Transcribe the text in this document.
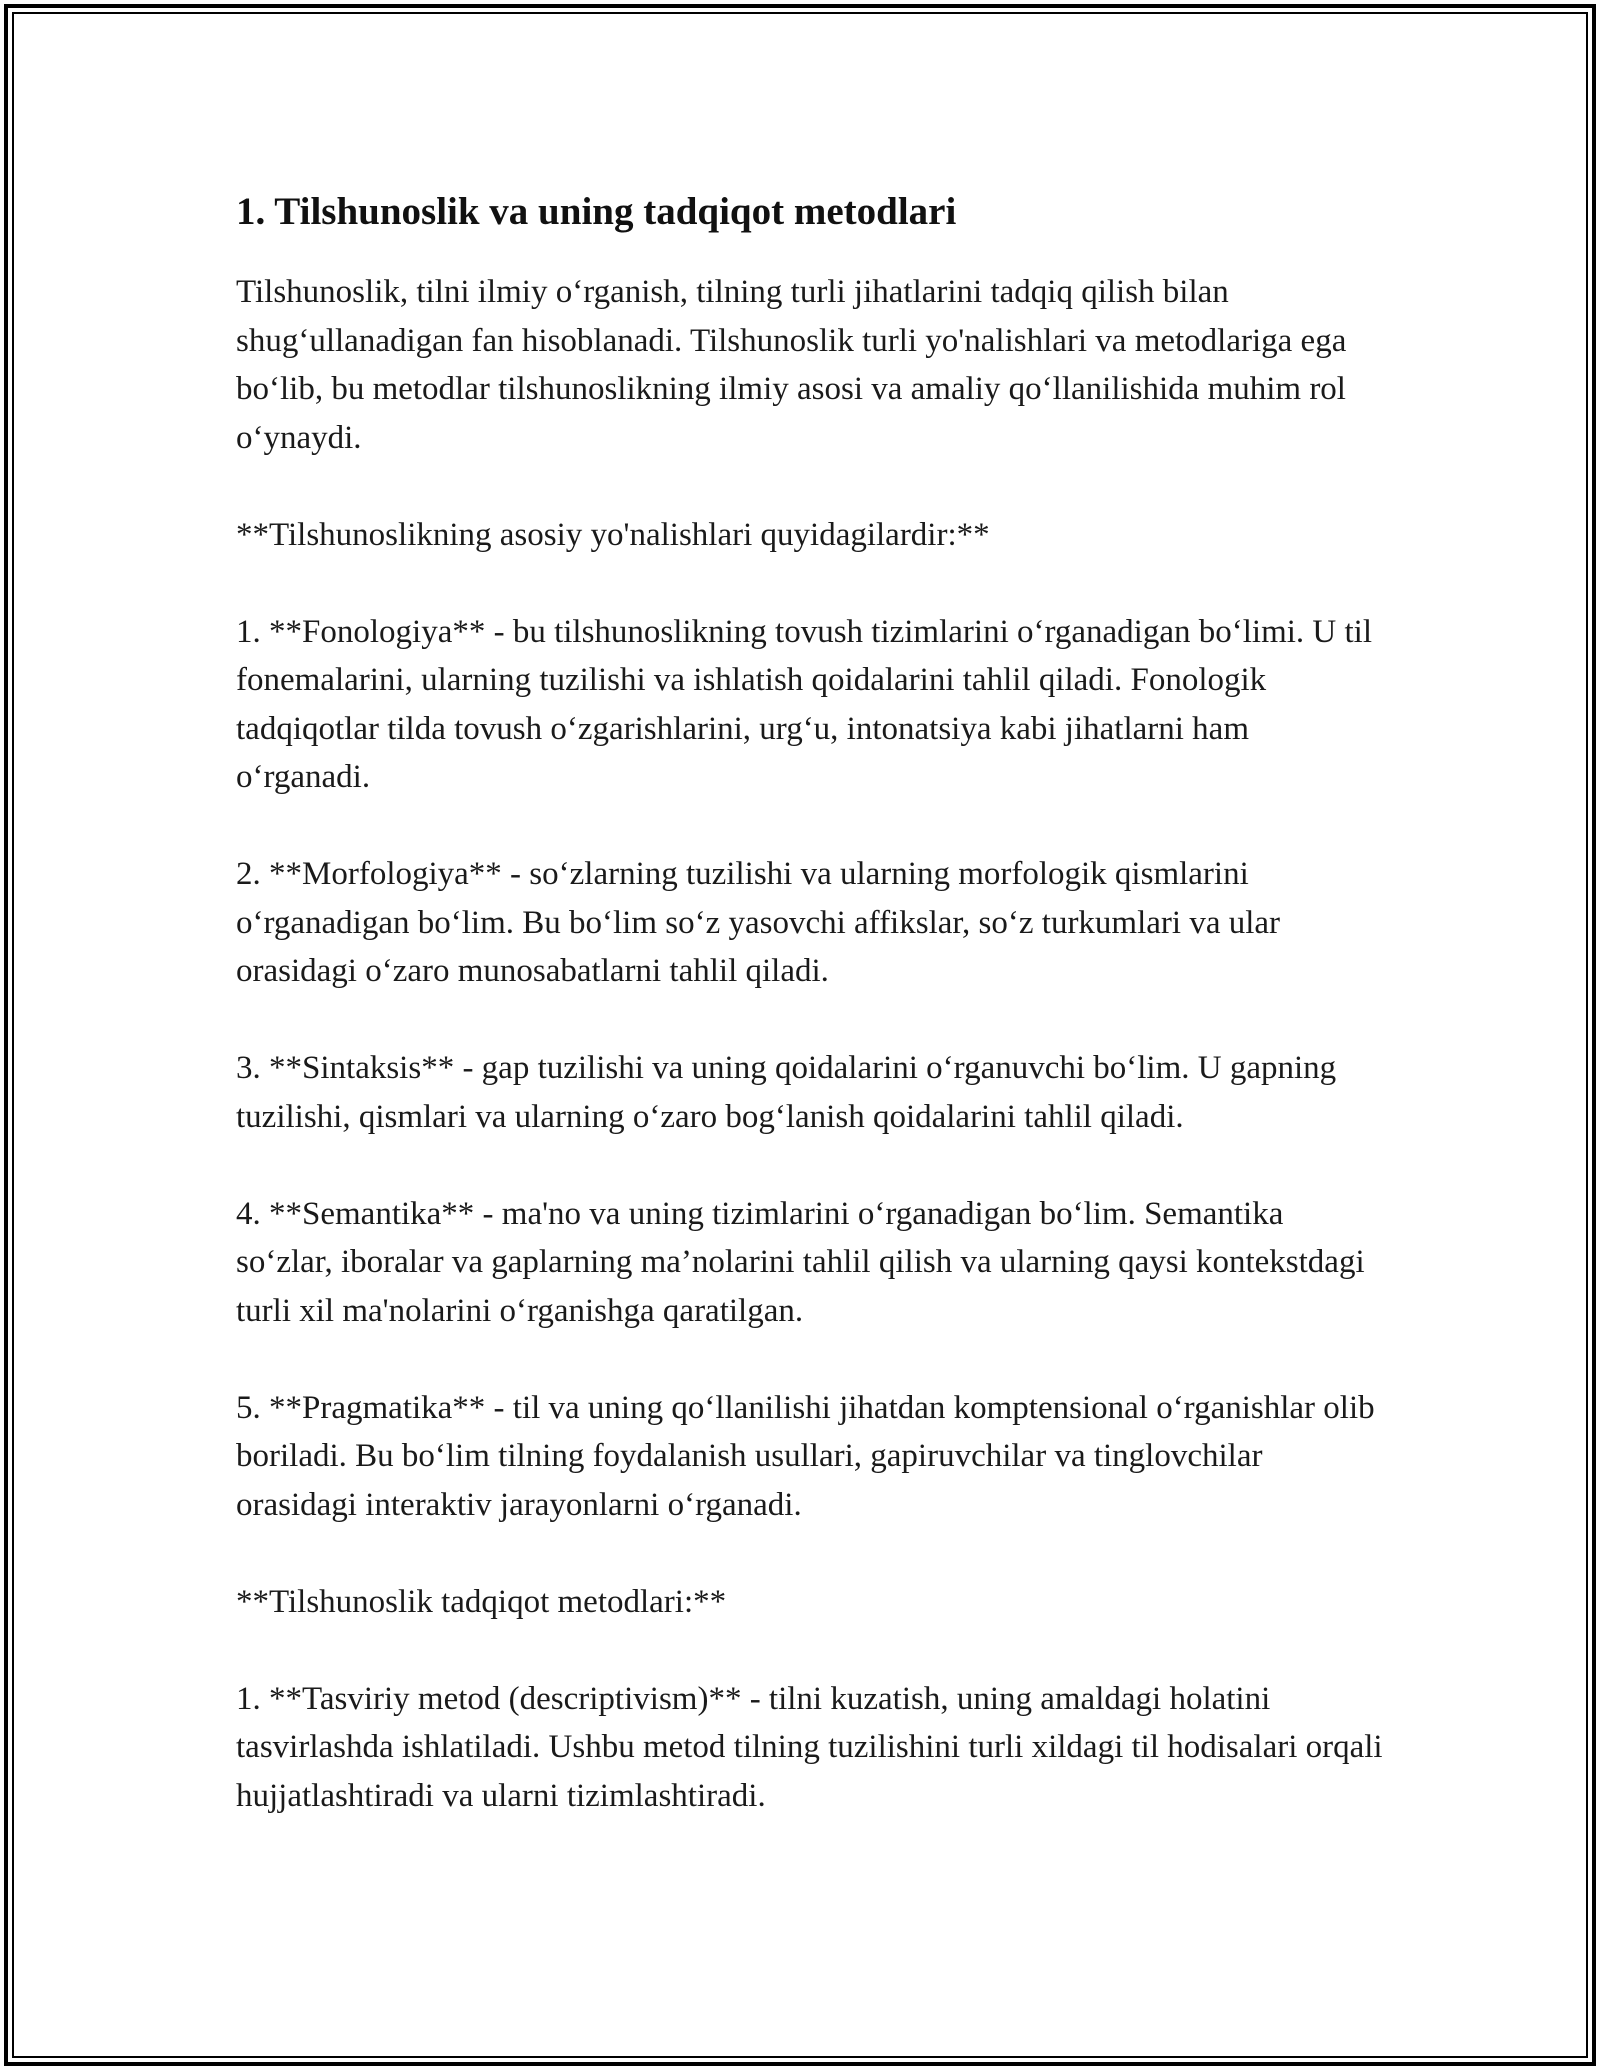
1. Tilshunoslik va uning tadqiqot metodlari

Tilshunoslik, tilni ilmiy o‘rganish, tilning turli jihatlarini tadqiq qilish bilan shug‘ullanadigan fan hisoblanadi. Tilshunoslik turli yo'nalishlari va metodlariga ega bo‘lib, bu metodlar tilshunoslikning ilmiy asosi va amaliy qo‘llanilishida muhim rol o‘ynaydi.

**Tilshunoslikning asosiy yo'nalishlari quyidagilardir:**

1. **Fonologiya** - bu tilshunoslikning tovush tizimlarini o‘rganadigan bo‘limi. U til fonemalarini, ularning tuzilishi va ishlatish qoidalarini tahlil qiladi. Fonologik tadqiqotlar tilda tovush o‘zgarishlarini, urg‘u, intonatsiya kabi jihatlarni ham o‘rganadi.

2. **Morfologiya** - so‘zlarning tuzilishi va ularning morfologik qismlarini o‘rganadigan bo‘lim. Bu bo‘lim so‘z yasovchi affikslar, so‘z turkumlari va ular orasidagi o‘zaro munosabatlarni tahlil qiladi.

3. **Sintaksis** - gap tuzilishi va uning qoidalarini o‘rganuvchi bo‘lim. U gapning tuzilishi, qismlari va ularning o‘zaro bog‘lanish qoidalarini tahlil qiladi.

4. **Semantika** - ma'no va uning tizimlarini o‘rganadigan bo‘lim. Semantika so‘zlar, iboralar va gaplarning ma’nolarini tahlil qilish va ularning qaysi kontekstdagi turli xil ma'nolarini o‘rganishga qaratilgan.

5. **Pragmatika** - til va uning qo‘llanilishi jihatdan komptensional o‘rganishlar olib boriladi. Bu bo‘lim tilning foydalanish usullari, gapiruvchilar va tinglovchilar orasidagi interaktiv jarayonlarni o‘rganadi.

**Tilshunoslik tadqiqot metodlari:**

1. **Tasviriy metod (descriptivism)** - tilni kuzatish, uning amaldagi holatini tasvirlashda ishlatiladi. Ushbu metod tilning tuzilishini turli xildagi til hodisalari orqali hujjatlashtiradi va ularni tizimlashtiradi.
